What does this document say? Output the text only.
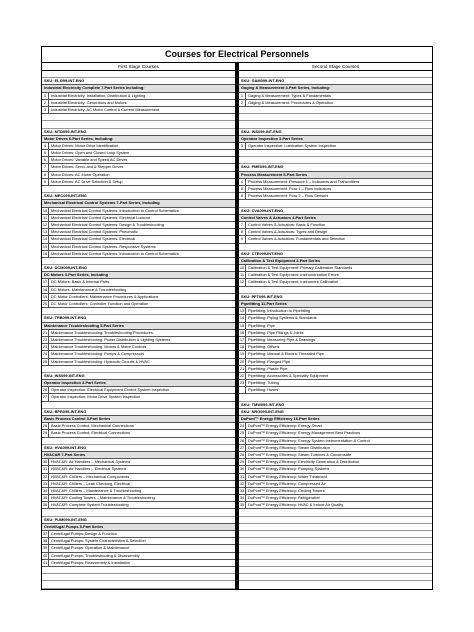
Courses for Electrical Personnels
First Stage Courses
SKU: ELI099-INT-ENG
Industrial Electricity Complete 7-Part Series Including:
1	Industrial Electricity: Installation, Distribution & Lighting
2	Industrial Electricity: Generators and Motors
3	Industrial Electricity: AC Motor Control & Current Measurement
SKU: MTD099-INT-ENG
Motor Drives 6-Part Series, Including:
4	Motor Drives: Motor Drive Identification
5	Motor Drives: Open and Closed Loop System
6	Motor Drives: Variable and Speed AC Drives
7	Motor Drives: Servo and & Stepper Drives
8	Motor Drives: AC Motor Operation
9	Motor Drives: AC Drive Selection & Setup
SKU: MEC099-INT-ENG
Mechanical Electrical Control Systems 7-Part Series, Including
10 Mechanical Electrical Control Systems: Introduction to Control Schematics
11	Mechanical Electrical Control Systems: Electrical Lockout
12 Mechanical Electrical Control Systems: Design & Troubleshooting
13 Mechanical Electrical Control Systems: Pneumatic
14 Mechanical Electrical Control Systems: Electrical
15 Mechanical Electrical Control Systems: Responsive Systems
16 Mechanical Electrical Control Systems: Introduction to Control Schematics
SKU: DCM099-INT-ENG
DC Motors 3-Part Series, Including
17 DC Motors: Basic & Internal Parts
18 DC Motors: Maintenance & Troubleshooting
19 DC Motor Controllers: Maintenance Procedures & Applications
20 DC Motor Controllers: Controller Function and Operation
SKU: TRB099-INT-ENG
Maintenance Troubleshooting 5-Part Series
21 Maintenance Troubleshooting: Troubleshooting Procedures
22 Maintenance Troubleshooting: Power Distribution & Lighting Systems
23 Maintenance Troubleshooting: Motors & Motor Controls
24 Maintenance Troubleshooting: Pumps & Compressors
25 Maintenance Troubleshooting: Hydraulic Circuits & HVAC
SKU: INS099-INT-ENG
Operator Inspection 3-Part Series
26 Operator Inspection: Electrical Equipment Control System Inspection
27 Operator Inspection: Motor Drive System Inspection
SKU: BPR099-INT-ENG
Basic Process Control 3-Part Series
28 Basic Process Control: Mechanical Connections
29 Basic Process Control: Electrical Connections
SKU: HVA099-INT-ENG
HVAC&R 7-Part Series
30 HVAC&R: Air Handlers – Mechanical Systems
31 HVAC&R: Air Handlers – Electrical Systems
32 HVAC&R: Chillers – Mechanical Components
33 HVAC&R: Chillers – Leak Checking, Electrical
34 HVAC&R: Chillers – Maintenance & Troubleshooting
35 HVAC&R: Cooling Towers – Maintenance & Troubleshooting
36 HVAC&R: Complete System Troubleshooting
SKU: PUM099-INT-ENG
Centrifugal Pumps 5-Part Series
37 Centrifugal Pumps: Design & Function
38 Centrifugal Pumps: System Characteristics & Selection
39 Centrifugal Pumps: Operation & Maintenance
40 Centrifugal Pumps: Troubleshooting & Disassembly
41 Centrifugal Pumps: Reassembly & Installation
Second Stage Courses
SKU: GAM099-INT-ENG
Gaging & Measurement 3-Part Series, Including:
1	Gaging & Measurement: Types & Fundamentals
2	Gaging & Measurement: Procedures & Operation
SKU: INS099-INT-ENG
Operator Inspection 3-Part Series
3	Operator Inspection: Lubrication System Inspection
SKU: PME099-INT-ENG
Process Measurement 5-Part Series
4	Process Measurement: Pressure 1 – Indicators and Transmitters
5	Process Measurement: Flow 1 – Flow Indicators
6	Process Measurement: Flow 2 – Flow Sensors
SKU: CVA099-INT-ENG
Control Valves & Actuators 4-Part Series
7	Control Valves & Actuators: Basic & Function
8	Control Valves & Actuators: Types and Design
9	Control Valves & Actuators: Fundamentals and Selection
SKU: CTE099-INT-ENG
Calibration & Test Equipment 3-Part Series
10 Calibration & Test Equipment: Primary Calibration Standards
11	Calibration & Test Equipment: Instrumentation Errors
12 Calibration & Test Equipment: Instrument Calibration
SKU: PFT099-INT-ENG
Pipefitting 11-Part Series
13 Pipefitting: Introduction to Pipefitting
14 Pipefitting: Piping Systems & Standards
15 Pipefitting: Pipe
16 Pipefitting: Pipe Fittings & Joints
17 Pipefitting: Measuring Pipe & Drawings
18 Pipefitting: Offsets
19 Pipefitting: Manual & Electric Threaded Pipe
20 Pipefitting: Flanged Pipe
21 Pipefitting: Plastic Pipe
22 Pipefitting: Accessories & Specialty Equipment
23 Pipefitting: Tubing
Pipefitting: Hoses
SKU: TMW099-INT-ENG
SKU: NRG099-INT-ENG
DuPont™ Energy Efficiency 16-Part Series
24 DuPont™ Energy Efficiency: Energy Smart
25 DuPont™ Energy Efficiency: Energy Management Best Practices
26 DuPont™ Energy Efficiency: Energy System Instrumentation & Control
27 DuPont™ Energy Efficiency: Steam Distribution
28 DuPont™ Energy Efficiency: Steam Turbines & Condensate
29 DuPont™ Energy Efficiency: Electricity Generation & Distribution
30 DuPont™ Energy Efficiency: Pumping Systems
31 DuPont™ Energy Efficiency: Water Treatment
32 DuPont™ Energy Efficiency: Compressed Air
33 DuPont™ Energy Efficiency: Cooling Towers
34 DuPont™ Energy Efficiency: Refrigeration
35 DuPont™ Energy Efficiency: HVAC & Indoor Air Quality
